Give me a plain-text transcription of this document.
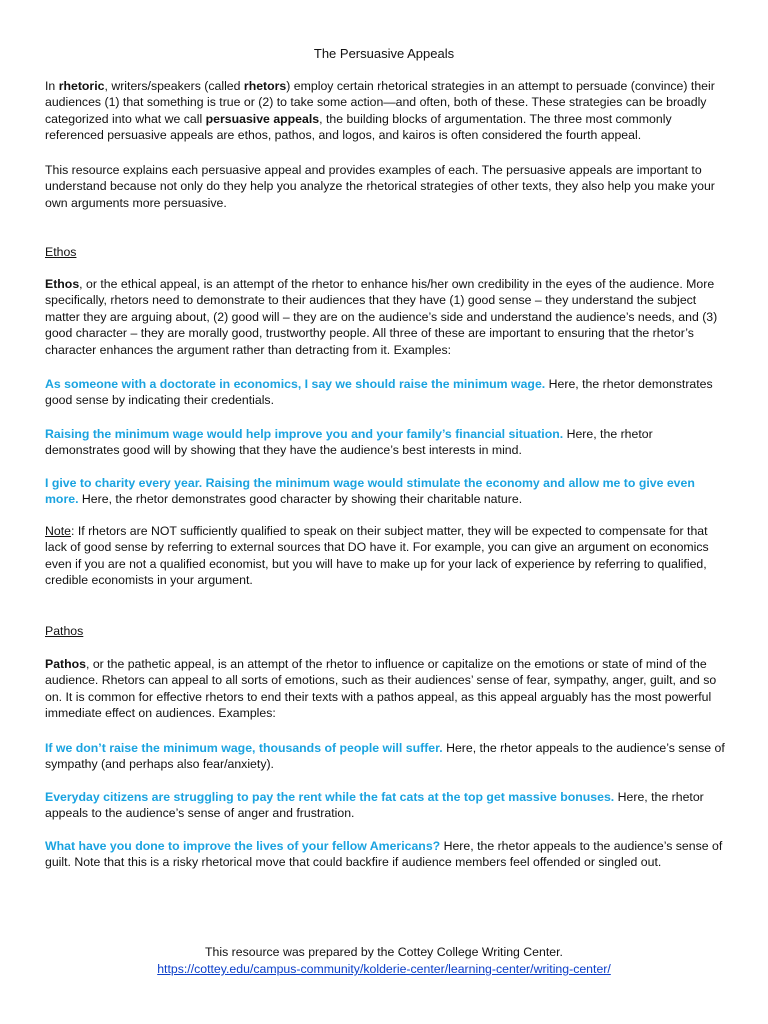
The Persuasive Appeals

In rhetoric, writers/speakers (called rhetors) employ certain rhetorical strategies in an attempt to persuade (convince) their audiences (1) that something is true or (2) to take some action—and often, both of these. These strategies can be broadly categorized into what we call persuasive appeals, the building blocks of argumentation. The three most commonly referenced persuasive appeals are ethos, pathos, and logos, and kairos is often considered the fourth appeal.

This resource explains each persuasive appeal and provides examples of each. The persuasive appeals are important to understand because not only do they help you analyze the rhetorical strategies of other texts, they also help you make your own arguments more persuasive.

Ethos

Ethos, or the ethical appeal, is an attempt of the rhetor to enhance his/her own credibility in the eyes of the audience. More specifically, rhetors need to demonstrate to their audiences that they have (1) good sense – they understand the subject matter they are arguing about, (2) good will – they are on the audience’s side and understand the audience’s needs, and (3) good character – they are morally good, trustworthy people. All three of these are important to ensuring that the rhetor’s character enhances the argument rather than detracting from it. Examples:

As someone with a doctorate in economics, I say we should raise the minimum wage. Here, the rhetor demonstrates good sense by indicating their credentials.

Raising the minimum wage would help improve you and your family’s financial situation. Here, the rhetor demonstrates good will by showing that they have the audience’s best interests in mind.

I give to charity every year. Raising the minimum wage would stimulate the economy and allow me to give even more. Here, the rhetor demonstrates good character by showing their charitable nature.

Note: If rhetors are NOT sufficiently qualified to speak on their subject matter, they will be expected to compensate for that lack of good sense by referring to external sources that DO have it. For example, you can give an argument on economics even if you are not a qualified economist, but you will have to make up for your lack of experience by referring to qualified, credible economists in your argument.

Pathos

Pathos, or the pathetic appeal, is an attempt of the rhetor to influence or capitalize on the emotions or state of mind of the audience. Rhetors can appeal to all sorts of emotions, such as their audiences’ sense of fear, sympathy, anger, guilt, and so on. It is common for effective rhetors to end their texts with a pathos appeal, as this appeal arguably has the most powerful immediate effect on audiences. Examples:

If we don’t raise the minimum wage, thousands of people will suffer. Here, the rhetor appeals to the audience’s sense of sympathy (and perhaps also fear/anxiety).

Everyday citizens are struggling to pay the rent while the fat cats at the top get massive bonuses. Here, the rhetor appeals to the audience’s sense of anger and frustration.

What have you done to improve the lives of your fellow Americans? Here, the rhetor appeals to the audience’s sense of guilt. Note that this is a risky rhetorical move that could backfire if audience members feel offended or singled out.

This resource was prepared by the Cottey College Writing Center.
https://cottey.edu/campus-community/kolderie-center/learning-center/writing-center/
